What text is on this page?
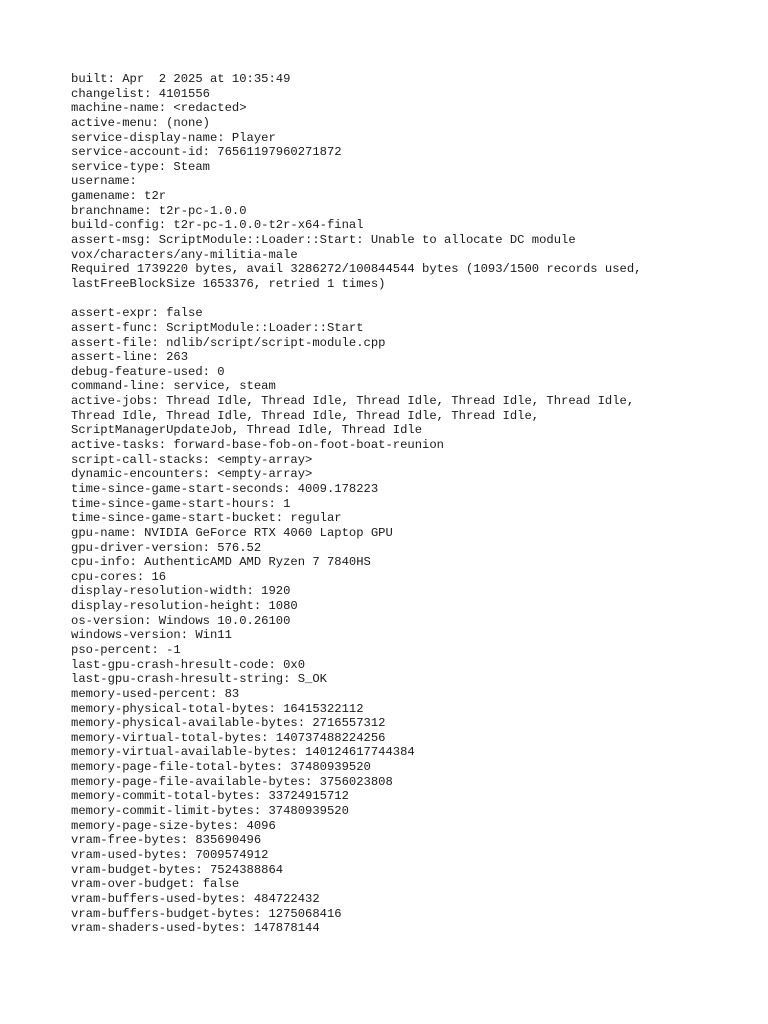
built: Apr  2 2025 at 10:35:49
changelist: 4101556
machine-name: <redacted>
active-menu: (none)
service-display-name: Player
service-account-id: 76561197960271872
service-type: Steam
username:
gamename: t2r
branchname: t2r-pc-1.0.0
build-config: t2r-pc-1.0.0-t2r-x64-final
assert-msg: ScriptModule::Loader::Start: Unable to allocate DC module
vox/characters/any-militia-male
Required 1739220 bytes, avail 3286272/100844544 bytes (1093/1500 records used,
lastFreeBlockSize 1653376, retried 1 times)
assert-expr: false
assert-func: ScriptModule::Loader::Start
assert-file: ndlib/script/script-module.cpp
assert-line: 263
debug-feature-used: 0
command-line: service, steam
active-jobs: Thread Idle, Thread Idle, Thread Idle, Thread Idle, Thread Idle,
Thread Idle, Thread Idle, Thread Idle, Thread Idle, Thread Idle,
ScriptManagerUpdateJob, Thread Idle, Thread Idle
active-tasks: forward-base-fob-on-foot-boat-reunion
script-call-stacks: <empty-array>
dynamic-encounters: <empty-array>
time-since-game-start-seconds: 4009.178223
time-since-game-start-hours: 1
time-since-game-start-bucket: regular
gpu-name: NVIDIA GeForce RTX 4060 Laptop GPU
gpu-driver-version: 576.52
cpu-info: AuthenticAMD AMD Ryzen 7 7840HS
cpu-cores: 16
display-resolution-width: 1920
display-resolution-height: 1080
os-version: Windows 10.0.26100
windows-version: Win11
pso-percent: -1
last-gpu-crash-hresult-code: 0x0
last-gpu-crash-hresult-string: S_OK
memory-used-percent: 83
memory-physical-total-bytes: 16415322112
memory-physical-available-bytes: 2716557312
memory-virtual-total-bytes: 140737488224256
memory-virtual-available-bytes: 140124617744384
memory-page-file-total-bytes: 37480939520
memory-page-file-available-bytes: 3756023808
memory-commit-total-bytes: 33724915712
memory-commit-limit-bytes: 37480939520
memory-page-size-bytes: 4096
vram-free-bytes: 835690496
vram-used-bytes: 7009574912
vram-budget-bytes: 7524388864
vram-over-budget: false
vram-buffers-used-bytes: 484722432
vram-buffers-budget-bytes: 1275068416
vram-shaders-used-bytes: 147878144
